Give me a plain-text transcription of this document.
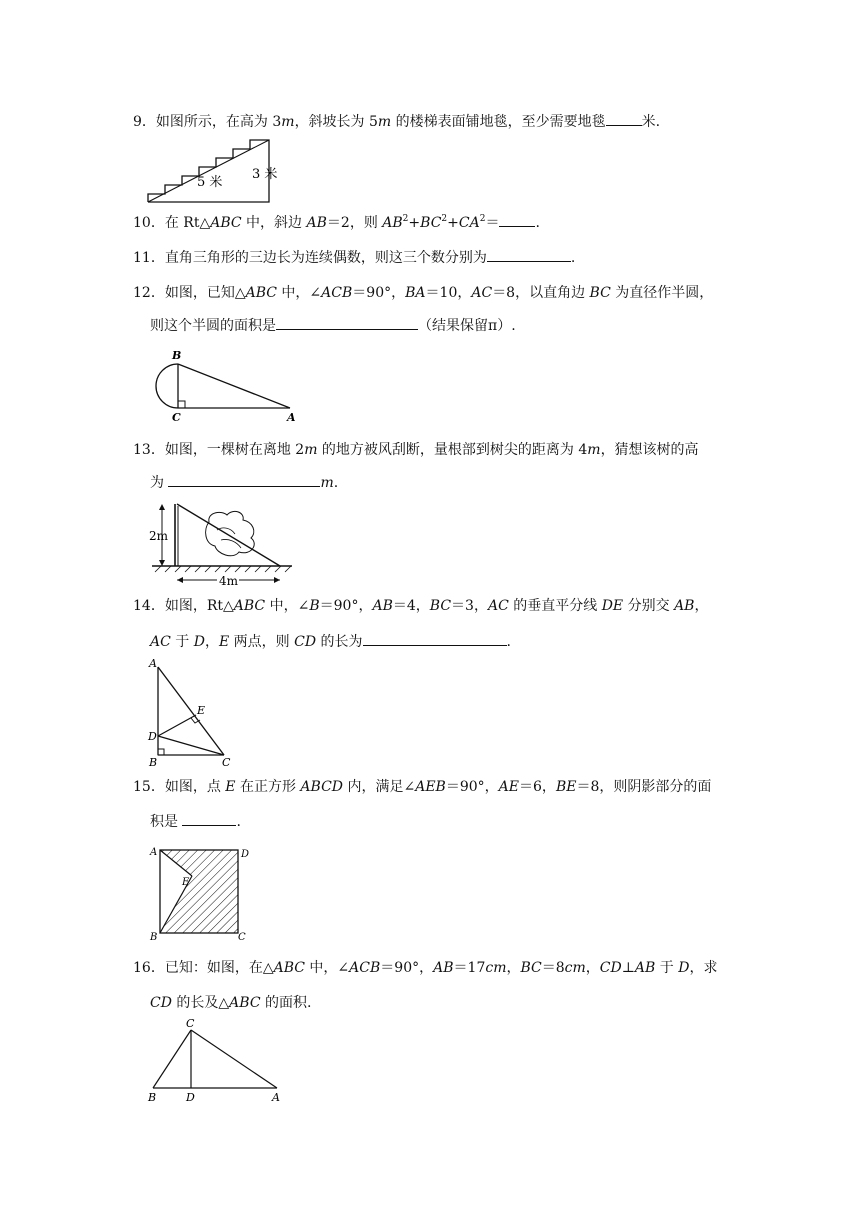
9．如图所示，在高为 3m，斜坡长为 5m 的楼梯表面铺地毯，至少需要地毯	米.
5 米
3 米
10．在 Rt△ABC 中，斜边 AB＝2，则 $AB^2+BC^2+CA^2=$	.
11．直角三角形的三边长为连续偶数，则这三个数分别为	.
12．如图，已知△ABC 中，∠ACB＝90°，BA＝10，AC＝8，以直角边 BC 为直径作半圆，
则这个半圆的面积是	（结果保留π）.
B
C	A
13．如图，一棵树在离地 2m 的地方被风刮断，量根部到树尖的距离为 4m，猜想该树的高
为	m.
2m
4m
14．如图，Rt△ABC 中，∠B＝90°，AB＝4，BC＝3，AC 的垂直平分线 DE 分别交 AB，
AC 于 D，E 两点，则 CD 的长为	.
A
E
D
B	C
15．如图，点 E 在正方形 ABCD 内，满足∠AEB＝90°，AE＝6，BE＝8，则阴影部分的面
积是	.
A	D
E
B	C
16．已知：如图，在△ABC 中，∠ACB＝90°，AB＝17cm，BC＝8cm，CD⊥AB 于 D，求
CD 的长及△ABC 的面积.
C
B	D	A
